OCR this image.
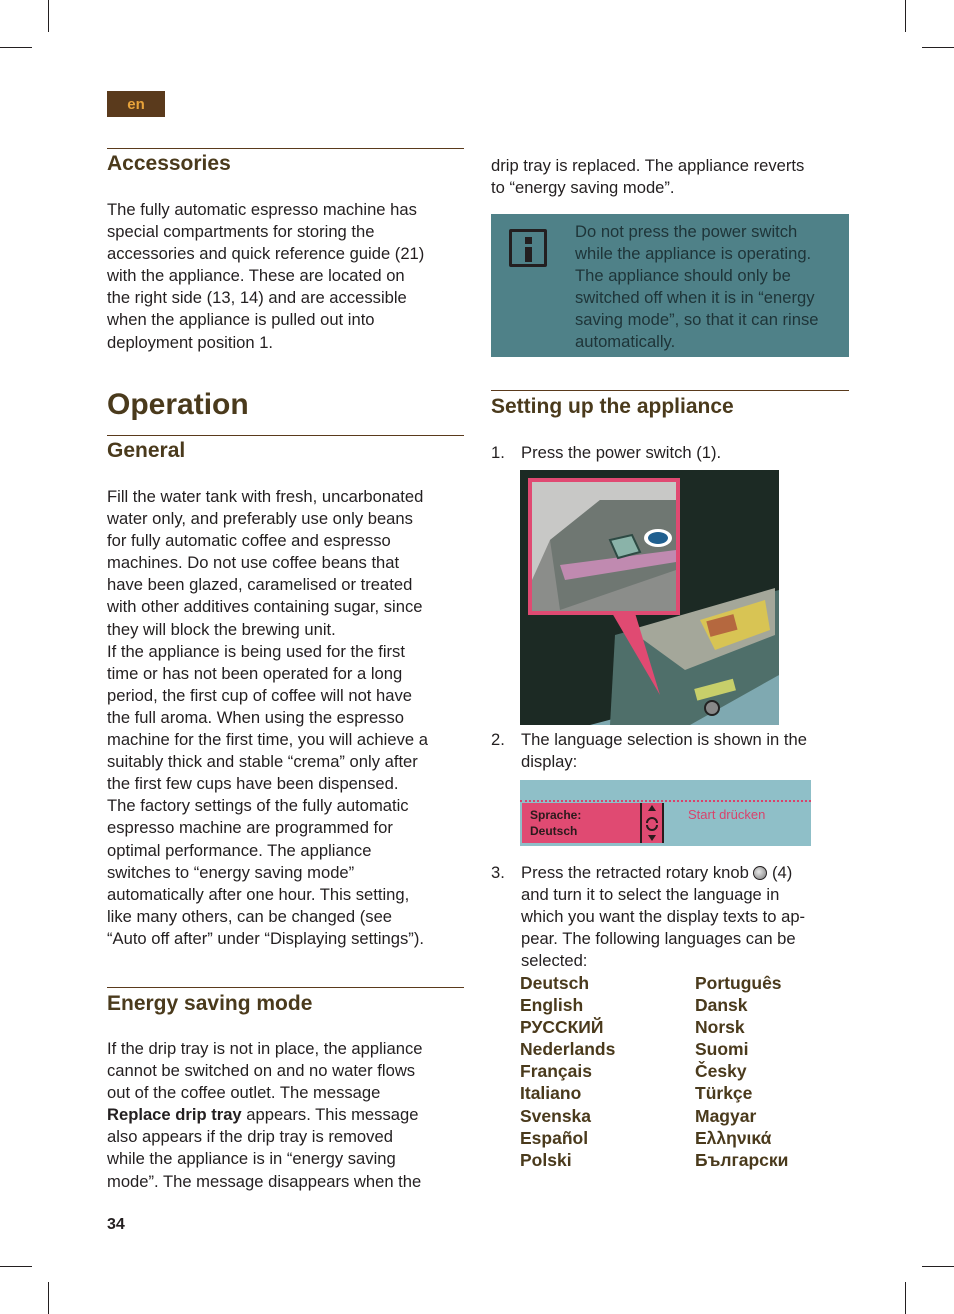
en
Accessories
The fully automatic espresso machine has
special compartments for storing the
accessories and quick reference guide (21)
with the appliance. These are located on
the right side (13, 14) and are accessible
when the appliance is pulled out into
deployment position 1.
Operation
General
Fill the water tank with fresh, uncarbonated
water only, and preferably use only beans
for fully automatic coffee and espresso
machines. Do not use coffee beans that
have been glazed, caramelised or treated
with other additives containing sugar, since
they will block the brewing unit.
If the appliance is being used for the first
time or has not been operated for a long
period, the first cup of coffee will not have
the full aroma. When using the espresso
machine for the first time, you will achieve a
suitably thick and stable “crema” only after
the first few cups have been dispensed.
The factory settings of the fully automatic
espresso machine are programmed for
optimal performance. The appliance
switches to “energy saving mode”
automatically after one hour. This setting,
like many others, can be changed (see
“Auto off after” under “Displaying settings”).
Energy saving mode
If the drip tray is not in place, the appliance
cannot be switched on and no water flows
out of the coffee outlet. The message
Replace drip tray appears. This message
also appears if the drip tray is removed
while the appliance is in “energy saving
mode”. The message disappears when the
34
drip tray is replaced. The appliance reverts
to “energy saving mode”.
Do not press the power switch
while the appliance is operating.
The appliance should only be
switched off when it is in “energy
saving mode”, so that it can rinse
automatically.
Setting up the appliance
1. Press the power switch (1).
2. The language selection is shown in the
display:
Sprache:
Deutsch
Start drücken
3. Press the retracted rotary knob  (4)
and turn it to select the language in
which you want the display texts to ap-
pear. The following languages can be
selected:
Deutsch
English
РУССКИЙ
Nederlands
Français
Italiano
Svenska
Español
Polski
Português
Dansk
Norsk
Suomi
Česky
Türkçe
Magyar
Ελληνικά
Български
